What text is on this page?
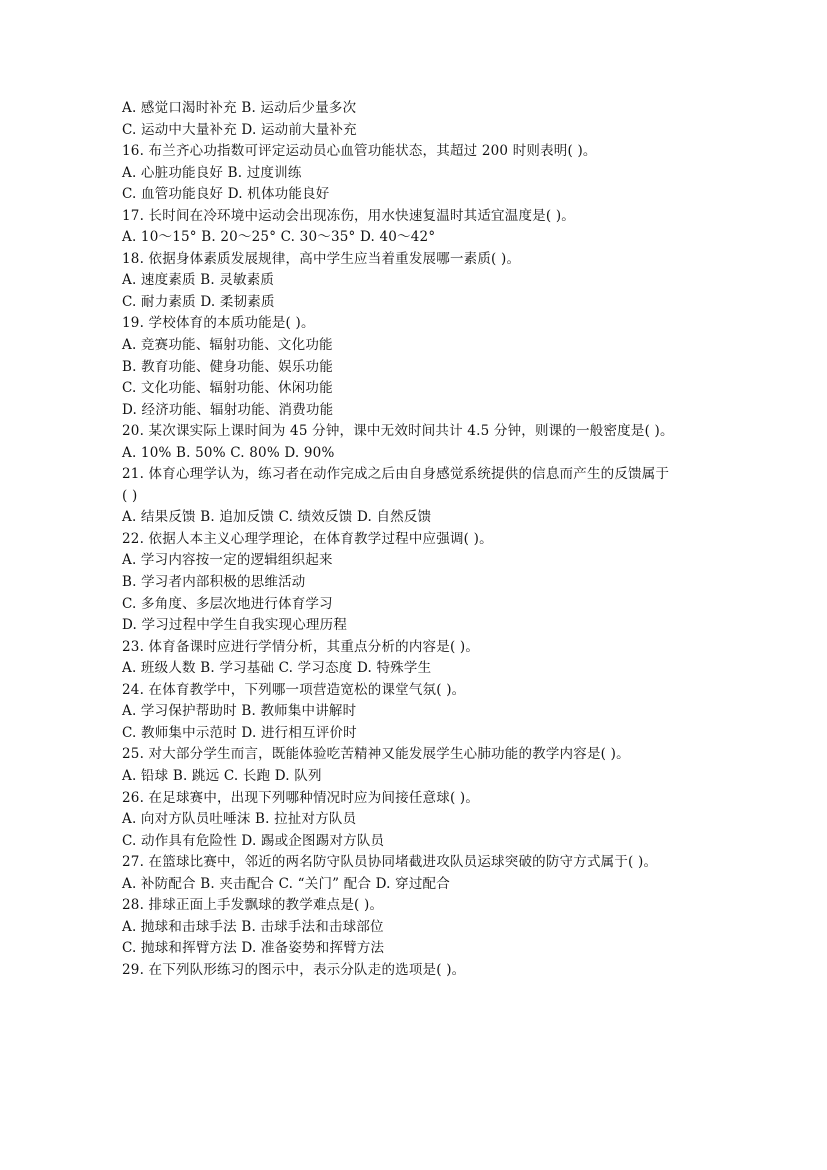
A. 感觉口渴时补充 B. 运动后少量多次
C. 运动中大量补充 D. 运动前大量补充
16. 布兰齐心功指数可评定运动员心血管功能状态，其超过 200 时则表明( )。
A. 心脏功能良好 B. 过度训练
C. 血管功能良好 D. 机体功能良好
17. 长时间在冷环境中运动会出现冻伤，用水快速复温时其适宜温度是( )。
A. 10～15° B. 20～25° C. 30～35° D. 40～42°
18. 依据身体素质发展规律，高中学生应当着重发展哪一素质( )。
A. 速度素质 B. 灵敏素质
C. 耐力素质 D. 柔韧素质
19. 学校体育的本质功能是( )。
A. 竞赛功能、辐射功能、文化功能
B. 教育功能、健身功能、娱乐功能
C. 文化功能、辐射功能、休闲功能
D. 经济功能、辐射功能、消费功能
20. 某次课实际上课时间为 45 分钟，课中无效时间共计 4.5 分钟，则课的一般密度是( )。
A. 10% B. 50% C. 80% D. 90%
21. 体育心理学认为，练习者在动作完成之后由自身感觉系统提供的信息而产生的反馈属于
( )
A. 结果反馈 B. 追加反馈 C. 绩效反馈 D. 自然反馈
22. 依据人本主义心理学理论，在体育教学过程中应强调( )。
A. 学习内容按一定的逻辑组织起来
B. 学习者内部积极的思维活动
C. 多角度、多层次地进行体育学习
D. 学习过程中学生自我实现心理历程
23. 体育备课时应进行学情分析，其重点分析的内容是( )。
A. 班级人数 B. 学习基础 C. 学习态度 D. 特殊学生
24. 在体育教学中，下列哪一项营造宽松的课堂气氛( )。
A. 学习保护帮助时 B. 教师集中讲解时
C. 教师集中示范时 D. 进行相互评价时
25. 对大部分学生而言，既能体验吃苦精神又能发展学生心肺功能的教学内容是( )。
A. 铅球 B. 跳远 C. 长跑 D. 队列
26. 在足球赛中，出现下列哪种情况时应为间接任意球( )。
A. 向对方队员吐唾沫 B. 拉扯对方队员
C. 动作具有危险性 D. 踢或企图踢对方队员
27. 在篮球比赛中，邻近的两名防守队员协同堵截进攻队员运球突破的防守方式属于( )。
A. 补防配合 B. 夹击配合 C. “关门” 配合 D. 穿过配合
28. 排球正面上手发飘球的教学难点是( )。
A. 抛球和击球手法 B. 击球手法和击球部位
C. 抛球和挥臂方法 D. 准备姿势和挥臂方法
29. 在下列队形练习的图示中，表示分队走的选项是( )。
